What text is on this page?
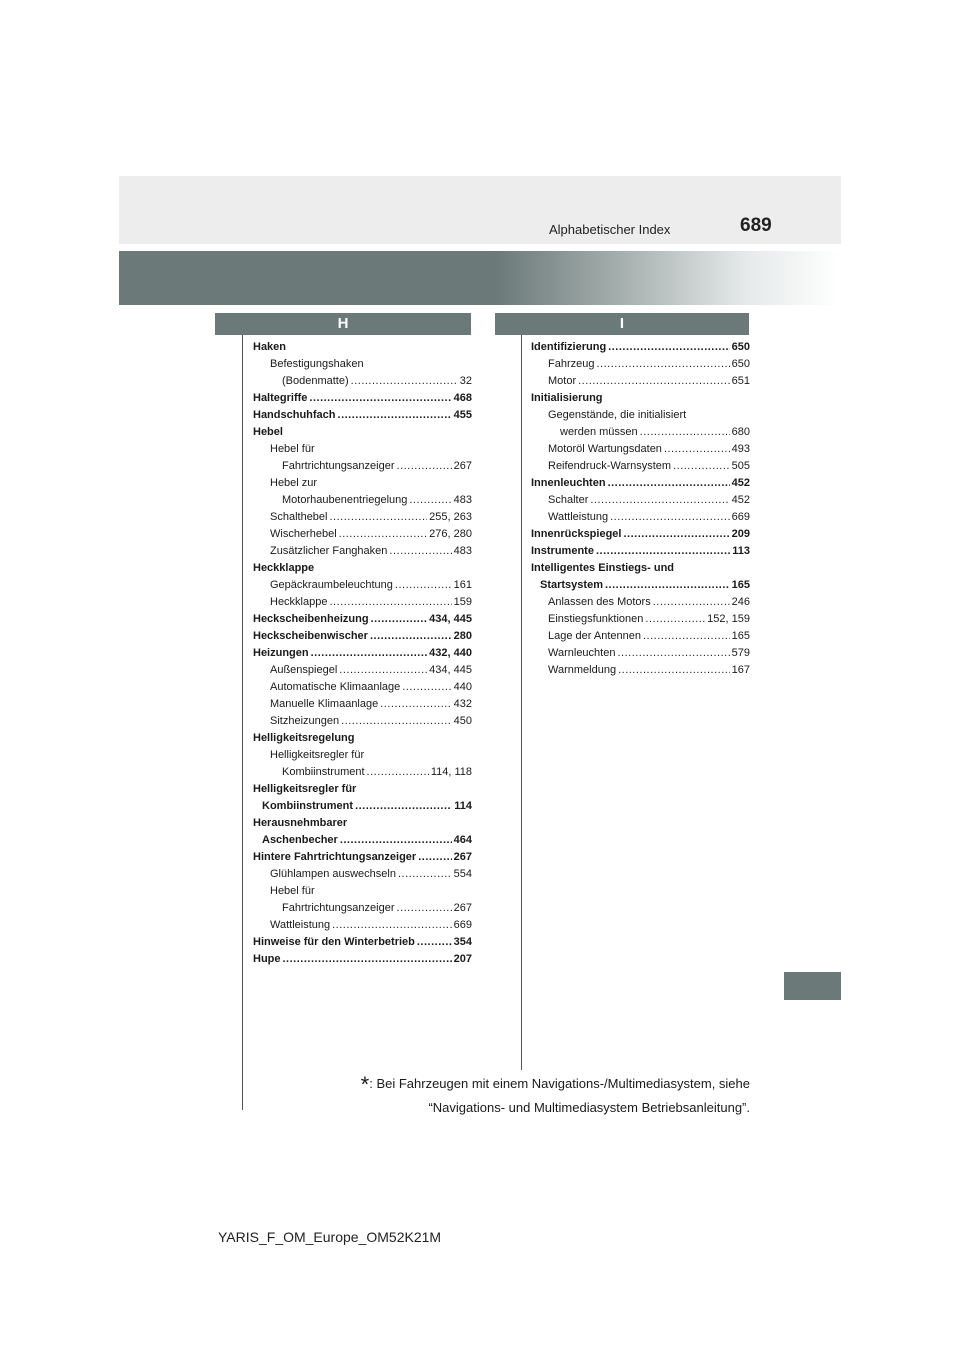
Alphabetischer Index	689
H	I
Haken
Befestigungshaken
(Bodenmatte) .....	32
Haltegriffe .....	468
Handschuhfach .....	455
Hebel
Hebel für
Fahrtrichtungsanzeiger .....	267
Hebel zur
Motorhaubenentriegelung .....	483
Schalthebel .....	255, 263
Wischerhebel .....	276, 280
Zusätzlicher Fanghaken .....	483
Heckklappe
Gepäckraumbeleuchtung .....	161
Heckklappe .....	159
Heckscheibenheizung .....	434, 445
Heckscheibenwischer .....	280
Heizungen .....	432, 440
Außenspiegel .....	434, 445
Automatische Klimaanlage .....	440
Manuelle Klimaanlage .....	432
Sitzheizungen .....	450
Helligkeitsregelung
Helligkeitsregler für
Kombiinstrument .....	114, 118
Helligkeitsregler für
Kombiinstrument .....	114
Herausnehmbarer
Aschenbecher .....	464
Hintere Fahrtrichtungsanzeiger .....	267
Glühlampen auswechseln .....	554
Hebel für
Fahrtrichtungsanzeiger .....	267
Wattleistung .....	669
Hinweise für den Winterbetrieb .....	354
Hupe .....	207
Identifizierung .....	650
Fahrzeug .....	650
Motor .....	651
Initialisierung
Gegenstände, die initialisiert
werden müssen .....	680
Motoröl Wartungsdaten .....	493
Reifendruck-Warnsystem .....	505
Innenleuchten .....	452
Schalter .....	452
Wattleistung .....	669
Innenrückspiegel .....	209
Instrumente .....	113
Intelligentes Einstiegs- und
Startsystem .....	165
Anlassen des Motors .....	246
Einstiegsfunktionen .....	152, 159
Lage der Antennen .....	165
Warnleuchten .....	579
Warnmeldung .....	167
*: Bei Fahrzeugen mit einem Navigations-/Multimediasystem, siehe
“Navigations- und Multimediasystem Betriebsanleitung”.
YARIS_F_OM_Europe_OM52K21M
